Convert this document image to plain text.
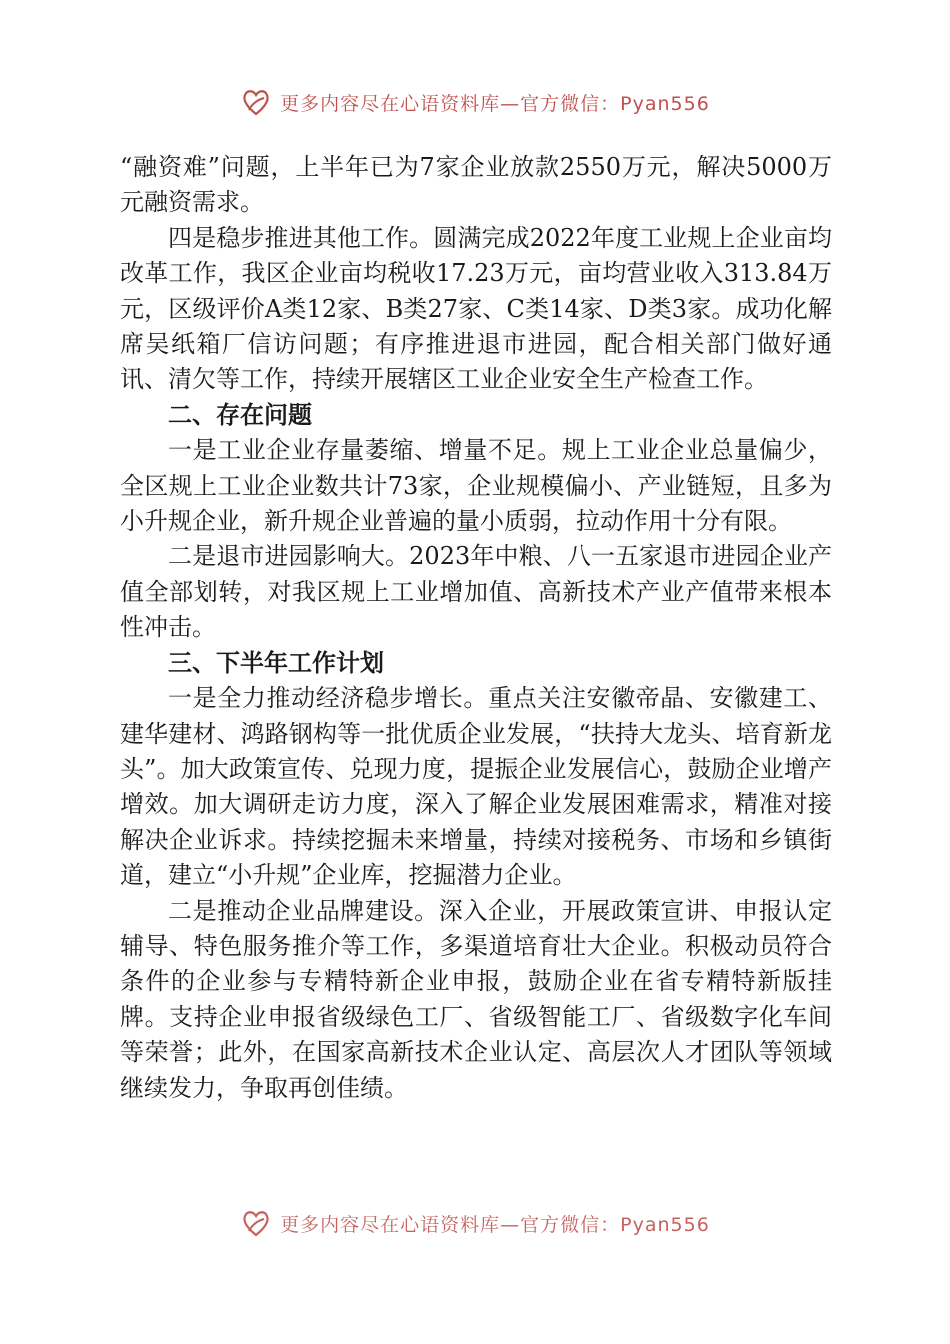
更多内容尽在心语资料库—官方微信：Pyan556

“融资难”问题，上半年已为7家企业放款2550万元，解决5000万元融资需求。

四是稳步推进其他工作。圆满完成2022年度工业规上企业亩均改革工作，我区企业亩均税收17.23万元，亩均营业收入313.84万元，区级评价A类12家、B类27家、C类14家、D类3家。成功化解席吴纸箱厂信访问题；有序推进退市进园，配合相关部门做好通讯、清欠等工作，持续开展辖区工业企业安全生产检查工作。

二、存在问题

一是工业企业存量萎缩、增量不足。规上工业企业总量偏少，全区规上工业企业数共计73家，企业规模偏小、产业链短，且多为小升规企业，新升规企业普遍的量小质弱，拉动作用十分有限。

二是退市进园影响大。2023年中粮、八一五家退市进园企业产值全部划转，对我区规上工业增加值、高新技术产业产值带来根本性冲击。

三、下半年工作计划

一是全力推动经济稳步增长。重点关注安徽帝晶、安徽建工、建华建材、鸿路钢构等一批优质企业发展，“扶持大龙头、培育新龙头”。加大政策宣传、兑现力度，提振企业发展信心，鼓励企业增产增效。加大调研走访力度，深入了解企业发展困难需求，精准对接解决企业诉求。持续挖掘未来增量，持续对接税务、市场和乡镇街道，建立“小升规”企业库，挖掘潜力企业。

二是推动企业品牌建设。深入企业，开展政策宣讲、申报认定辅导、特色服务推介等工作，多渠道培育壮大企业。积极动员符合条件的企业参与专精特新企业申报，鼓励企业在省专精特新版挂牌。支持企业申报省级绿色工厂、省级智能工厂、省级数字化车间等荣誉；此外，在国家高新技术企业认定、高层次人才团队等领域继续发力，争取再创佳绩。

更多内容尽在心语资料库—官方微信：Pyan556
